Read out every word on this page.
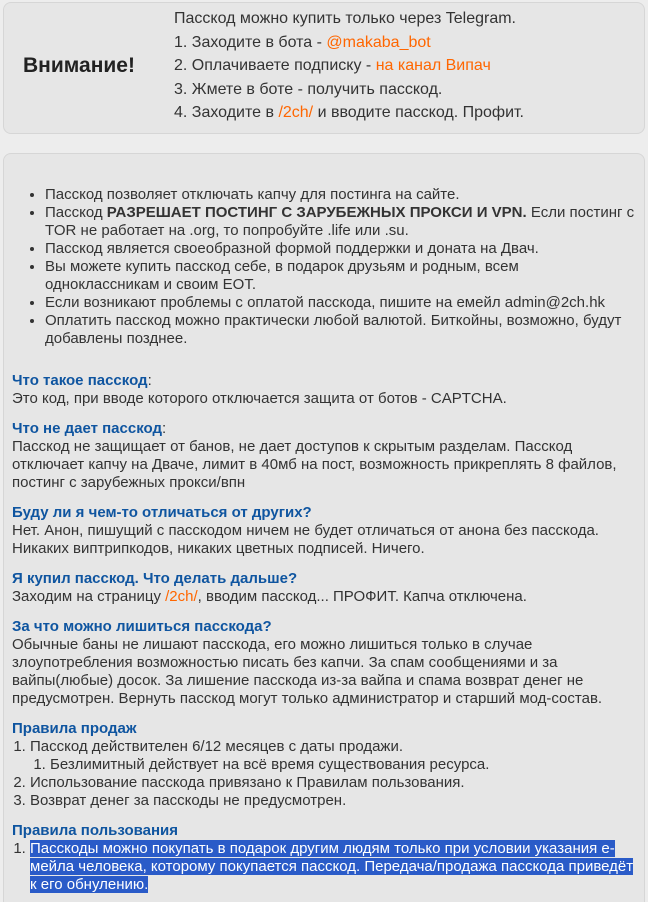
Внимание!
Пасскод можно купить только через Telegram.
1. Заходите в бота - @makaba_bot
2. Оплачиваете подписку - на канал Випач
3. Жмете в боте - получить пасскод.
4. Заходите в /2ch/ и вводите пасскод. Профит.
• Пасскод позволяет отключать капчу для постинга на сайте.
• Пасскод РАЗРЕШАЕТ ПОСТИНГ С ЗАРУБЕЖНЫХ ПРОКСИ И VPN. Если постинг с TOR не работает на .org, то попробуйте .life или .su.
• Пасскод является своеобразной формой поддержки и доната на Двач.
• Вы можете купить пасскод себе, в подарок друзьям и родным, всем одноклассникам и своим ЕОТ.
• Если возникают проблемы с оплатой пасскода, пишите на емейл admin@2ch.hk
• Оплатить пасскод можно практически любой валютой. Биткойны, возможно, будут добавлены позднее.
Что такое пасскод:
Это код, при вводе которого отключается защита от ботов - CAPTCHA.
Что не дает пасскод:
Пасскод не защищает от банов, не дает доступов к скрытым разделам. Пасскод отключает капчу на Дваче, лимит в 40мб на пост, возможность прикреплять 8 файлов, постинг с зарубежных прокси/впн
Буду ли я чем-то отличаться от других?
Нет. Анон, пишущий с пасскодом ничем не будет отличаться от анона без пасскода. Никаких виптрипкодов, никаких цветных подписей. Ничего.
Я купил пасскод. Что делать дальше?
Заходим на страницу /2ch/, вводим пасскод... ПРОФИТ. Капча отключена.
За что можно лишиться пасскода?
Обычные баны не лишают пасскода, его можно лишиться только в случае злоупотребления возможностью писать без капчи. За спам сообщениями и за вайпы(любые) досок. За лишение пасскода из-за вайпа и спама возврат денег не предусмотрен. Вернуть пасскод могут только администратор и старший мод-состав.
Правила продаж
1. Пасскод действителен 6/12 месяцев с даты продажи.
1. Безлимитный действует на всё время существования ресурса.
2. Использование пасскода привязано к Правилам пользования.
3. Возврат денег за пасскоды не предусмотрен.
Правила пользования
1. Пасскоды можно покупать в подарок другим людям только при условии указания е-мейла человека, которому покупается пасскод. Передача/продажа пасскода приведёт к его обнулению.
